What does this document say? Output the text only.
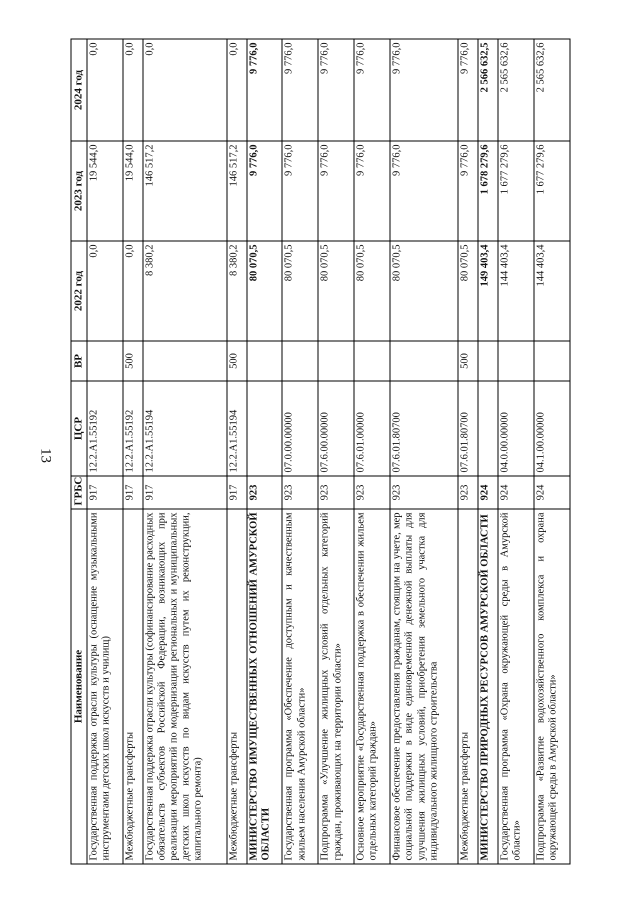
13
Наименование	ГРБС	ЦСР	ВР	2022 год	2023 год	2024 год
Государственная поддержка отрасли культуры (оснащение музыкальными инструментами детских школ искусств и училищ)	917	12.2.А1.55192		0,0	19 544,0	0,0
Межбюджетные трансферты	917	12.2.А1.55192	500	0,0	19 544,0	0,0
Государственная поддержка отрасли культуры (софинансирование расходных обязательств субъектов Российской Федерации, возникающих при реализации мероприятий по модернизации региональных и муниципальных детских школ искусств по видам искусств путем их реконструкции, капитального ремонта)	917	12.2.А1.55194		8 380,2	146 517,2	0,0
Межбюджетные трансферты	917	12.2.А1.55194	500	8 380,2	146 517,2	0,0
МИНИСТЕРСТВО ИМУЩЕСТВЕННЫХ ОТНОШЕНИЙ АМУРСКОЙ ОБЛАСТИ	923			80 070,5	9 776,0	9 776,0
Государственная программа «Обеспечение доступным и качественным жильем населения Амурской области»	923	07.0.00.00000		80 070,5	9 776,0	9 776,0
Подпрограмма «Улучшение жилищных условий отдельных категорий граждан, проживающих на территории области»	923	07.6.00.00000		80 070,5	9 776,0	9 776,0
Основное мероприятие «Государственная поддержка в обеспечении жильем отдельных категорий граждан»	923	07.6.01.00000		80 070,5	9 776,0	9 776,0
Финансовое обеспечение предоставления гражданам, стоящим на учете, мер социальной поддержки в виде единовременной денежной выплаты для улучшения жилищных условий, приобретения земельного участка для индивидуального жилищного строительства	923	07.6.01.80700		80 070,5	9 776,0	9 776,0
Межбюджетные трансферты	923	07.6.01.80700	500	80 070,5	9 776,0	9 776,0
МИНИСТЕРСТВО ПРИРОДНЫХ РЕСУРСОВ АМУРСКОЙ ОБЛАСТИ	924			149 403,4	1 678 279,6	2 566 632,5
Государственная программа «Охрана окружающей среды в Амурской области»	924	04.0.00.00000		144 403,4	1 677 279,6	2 565 632,6
Подпрограмма «Развитие водохозяйственного комплекса и охрана окружающей среды в Амурской области»	924	04.1.00.00000		144 403,4	1 677 279,6	2 565 632,6
